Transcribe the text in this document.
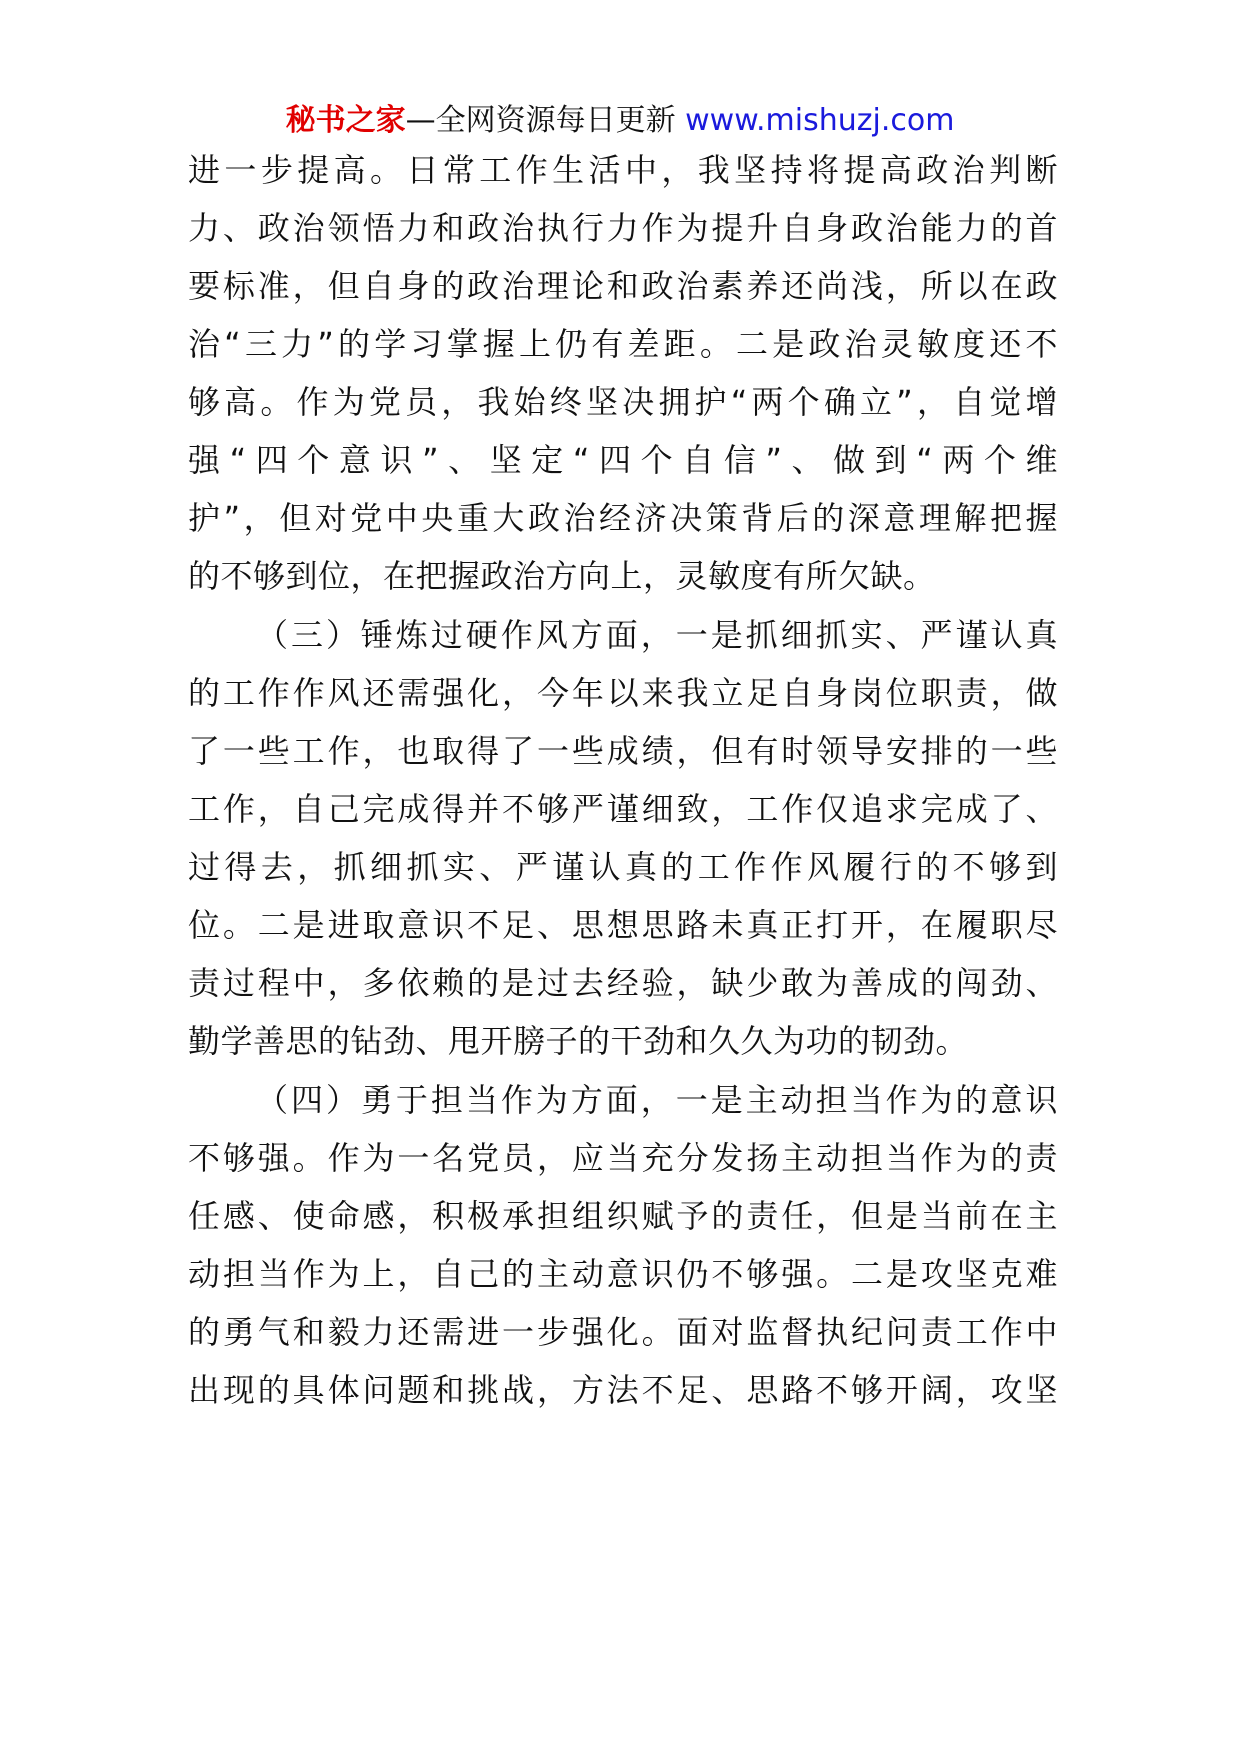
秘书之家—全网资源每日更新 www.mishuzj.com
进一步提高。日常工作生活中，我坚持将提高政治判断
力、政治领悟力和政治执行力作为提升自身政治能力的首
要标准，但自身的政治理论和政治素养还尚浅，所以在政
治“三力”的学习掌握上仍有差距。二是政治灵敏度还不
够高。作为党员，我始终坚决拥护“两个确立”，自觉增
强“四个意识”、坚定“四个自信”、做到“两个维
护”，但对党中央重大政治经济决策背后的深意理解把握
的不够到位，在把握政治方向上，灵敏度有所欠缺。
（三）锤炼过硬作风方面，一是抓细抓实、严谨认真
的工作作风还需强化，今年以来我立足自身岗位职责，做
了一些工作，也取得了一些成绩，但有时领导安排的一些
工作，自己完成得并不够严谨细致，工作仅追求完成了、
过得去，抓细抓实、严谨认真的工作作风履行的不够到
位。二是进取意识不足、思想思路未真正打开，在履职尽
责过程中，多依赖的是过去经验，缺少敢为善成的闯劲、
勤学善思的钻劲、甩开膀子的干劲和久久为功的韧劲。
（四）勇于担当作为方面，一是主动担当作为的意识
不够强。作为一名党员，应当充分发扬主动担当作为的责
任感、使命感，积极承担组织赋予的责任，但是当前在主
动担当作为上，自己的主动意识仍不够强。二是攻坚克难
的勇气和毅力还需进一步强化。面对监督执纪问责工作中
出现的具体问题和挑战，方法不足、思路不够开阔，攻坚
